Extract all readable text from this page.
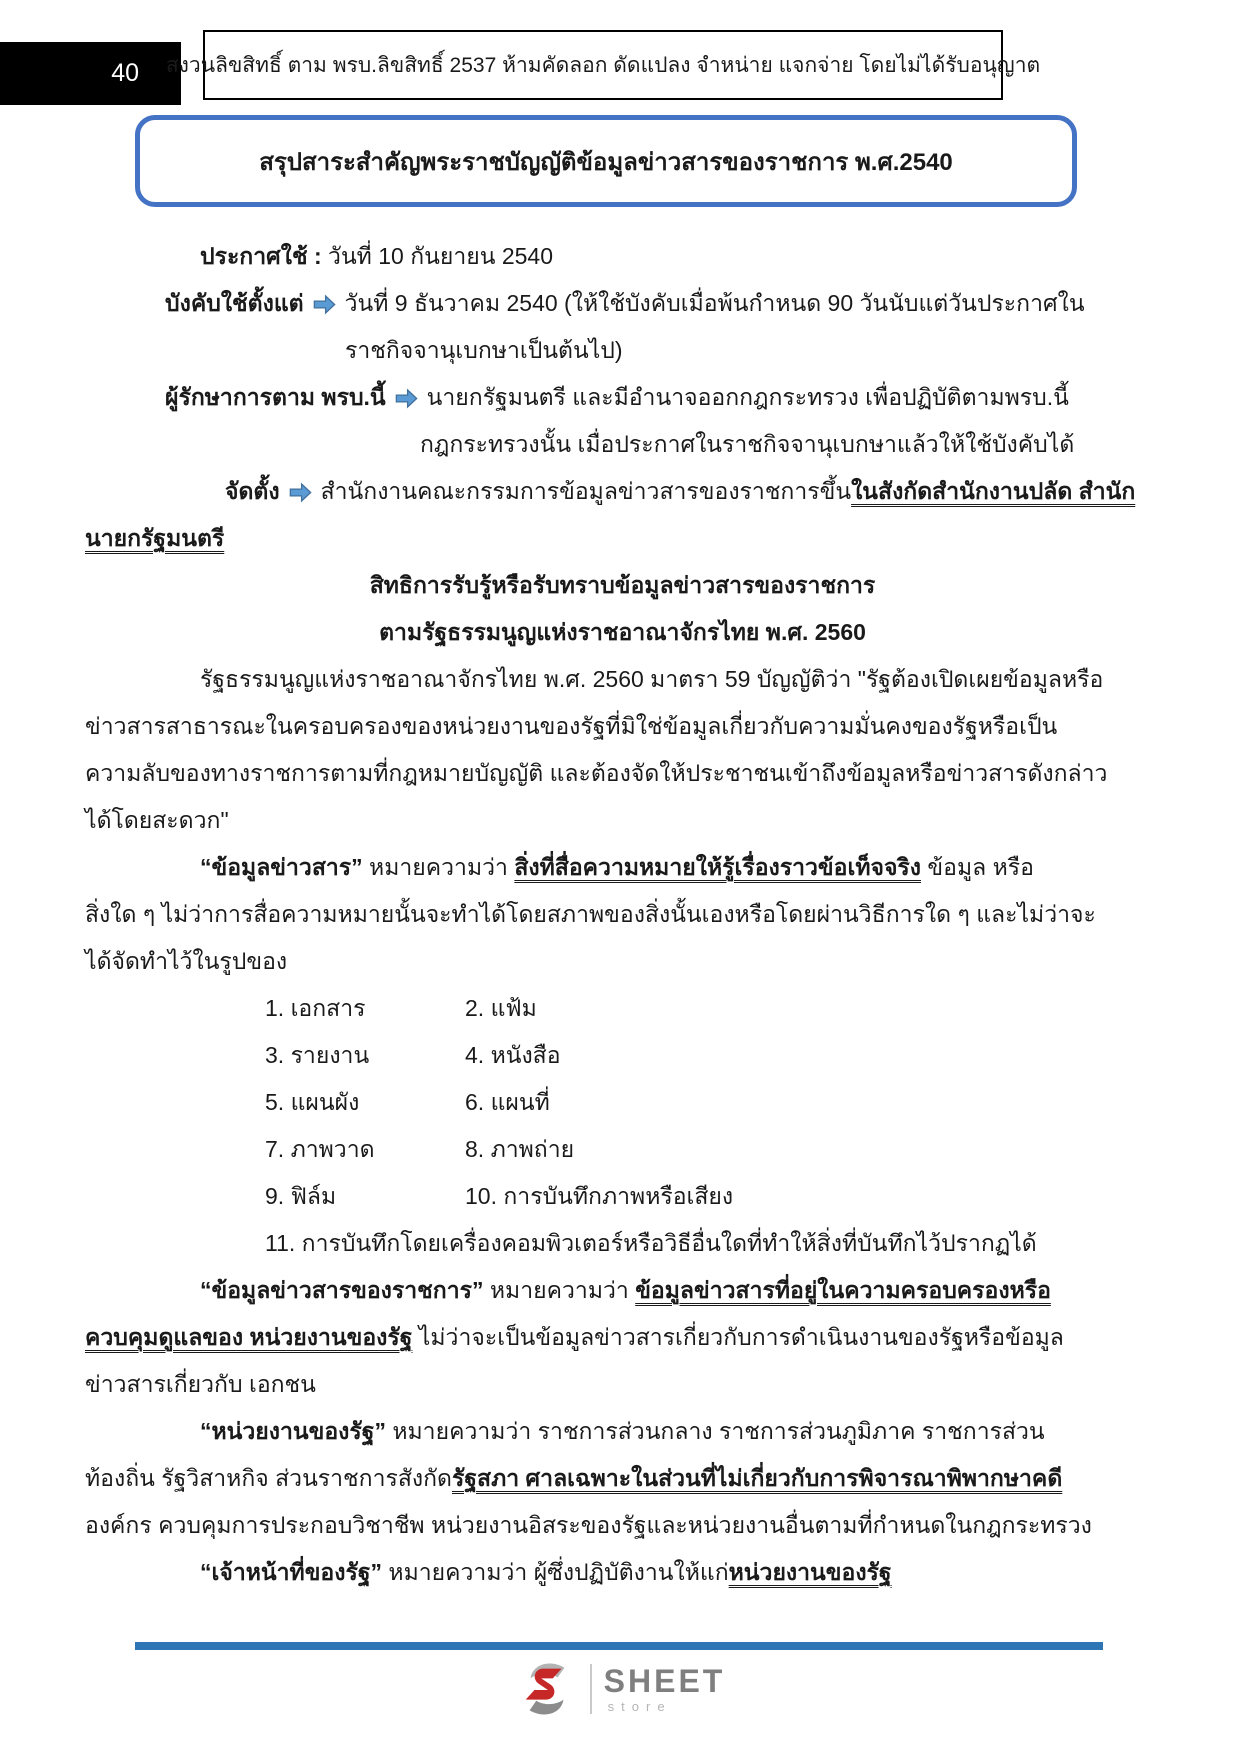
40 สงวนลิขสิทธิ์ ตาม พรบ.ลิขสิทธิ์ 2537 ห้ามคัดลอก ดัดแปลง จำหน่าย แจกจ่าย โดยไม่ได้รับอนุญาต
สรุปสาระสำคัญพระราชบัญญัติข้อมูลข่าวสารของราชการ พ.ศ.2540
ประกาศใช้ : วันที่ 10 กันยายน 2540
บังคับใช้ตั้งแต่ วันที่ 9 ธันวาคม 2540 (ให้ใช้บังคับเมื่อพ้นกำหนด 90 วันนับแต่วันประกาศใน
ราชกิจจานุเบกษาเป็นต้นไป)
ผู้รักษาการตาม พรบ.นี้ นายกรัฐมนตรี และมีอำนาจออกกฎกระทรวง เพื่อปฏิบัติตามพรบ.นี้
กฎกระทรวงนั้น เมื่อประกาศในราชกิจจานุเบกษาแล้วให้ใช้บังคับได้
จัดตั้ง สำนักงานคณะกรรมการข้อมูลข่าวสารของราชการขึ้นในสังกัดสำนักงานปลัด สำนัก
นายกรัฐมนตรี
สิทธิการรับรู้หรือรับทราบข้อมูลข่าวสารของราชการ
ตามรัฐธรรมนูญแห่งราชอาณาจักรไทย พ.ศ. 2560
รัฐธรรมนูญแห่งราชอาณาจักรไทย พ.ศ. 2560 มาตรา 59 บัญญัติว่า "รัฐต้องเปิดเผยข้อมูลหรือ
ข่าวสารสาธารณะในครอบครองของหน่วยงานของรัฐที่มิใช่ข้อมูลเกี่ยวกับความมั่นคงของรัฐหรือเป็น
ความลับของทางราชการตามที่กฎหมายบัญญัติ และต้องจัดให้ประชาชนเข้าถึงข้อมูลหรือข่าวสารดังกล่าว
ได้โดยสะดวก"
“ข้อมูลข่าวสาร” หมายความว่า สิ่งที่สื่อความหมายให้รู้เรื่องราวข้อเท็จจริง ข้อมูล หรือ
สิ่งใด ๆ ไม่ว่าการสื่อความหมายนั้นจะทำได้โดยสภาพของสิ่งนั้นเองหรือโดยผ่านวิธีการใด ๆ และไม่ว่าจะ
ได้จัดทำไว้ในรูปของ
1. เอกสาร	2. แฟ้ม
3. รายงาน	4. หนังสือ
5. แผนผัง	6. แผนที่
7. ภาพวาด	8. ภาพถ่าย
9. ฟิล์ม	10. การบันทึกภาพหรือเสียง
11. การบันทึกโดยเครื่องคอมพิวเตอร์หรือวิธีอื่นใดที่ทำให้สิ่งที่บันทึกไว้ปรากฏได้
“ข้อมูลข่าวสารของราชการ” หมายความว่า ข้อมูลข่าวสารที่อยู่ในความครอบครองหรือ
ควบคุมดูแลของ หน่วยงานของรัฐ ไม่ว่าจะเป็นข้อมูลข่าวสารเกี่ยวกับการดำเนินงานของรัฐหรือข้อมูล
ข่าวสารเกี่ยวกับ เอกชน
“หน่วยงานของรัฐ” หมายความว่า ราชการส่วนกลาง ราชการส่วนภูมิภาค ราชการส่วน
ท้องถิ่น รัฐวิสาหกิจ ส่วนราชการสังกัดรัฐสภา ศาลเฉพาะในส่วนที่ไม่เกี่ยวกับการพิจารณาพิพากษาคดี
องค์กร ควบคุมการประกอบวิชาชีพ หน่วยงานอิสระของรัฐและหน่วยงานอื่นตามที่กำหนดในกฎกระทรวง
“เจ้าหน้าที่ของรัฐ” หมายความว่า ผู้ซึ่งปฏิบัติงานให้แก่หน่วยงานของรัฐ
SHEET
store
